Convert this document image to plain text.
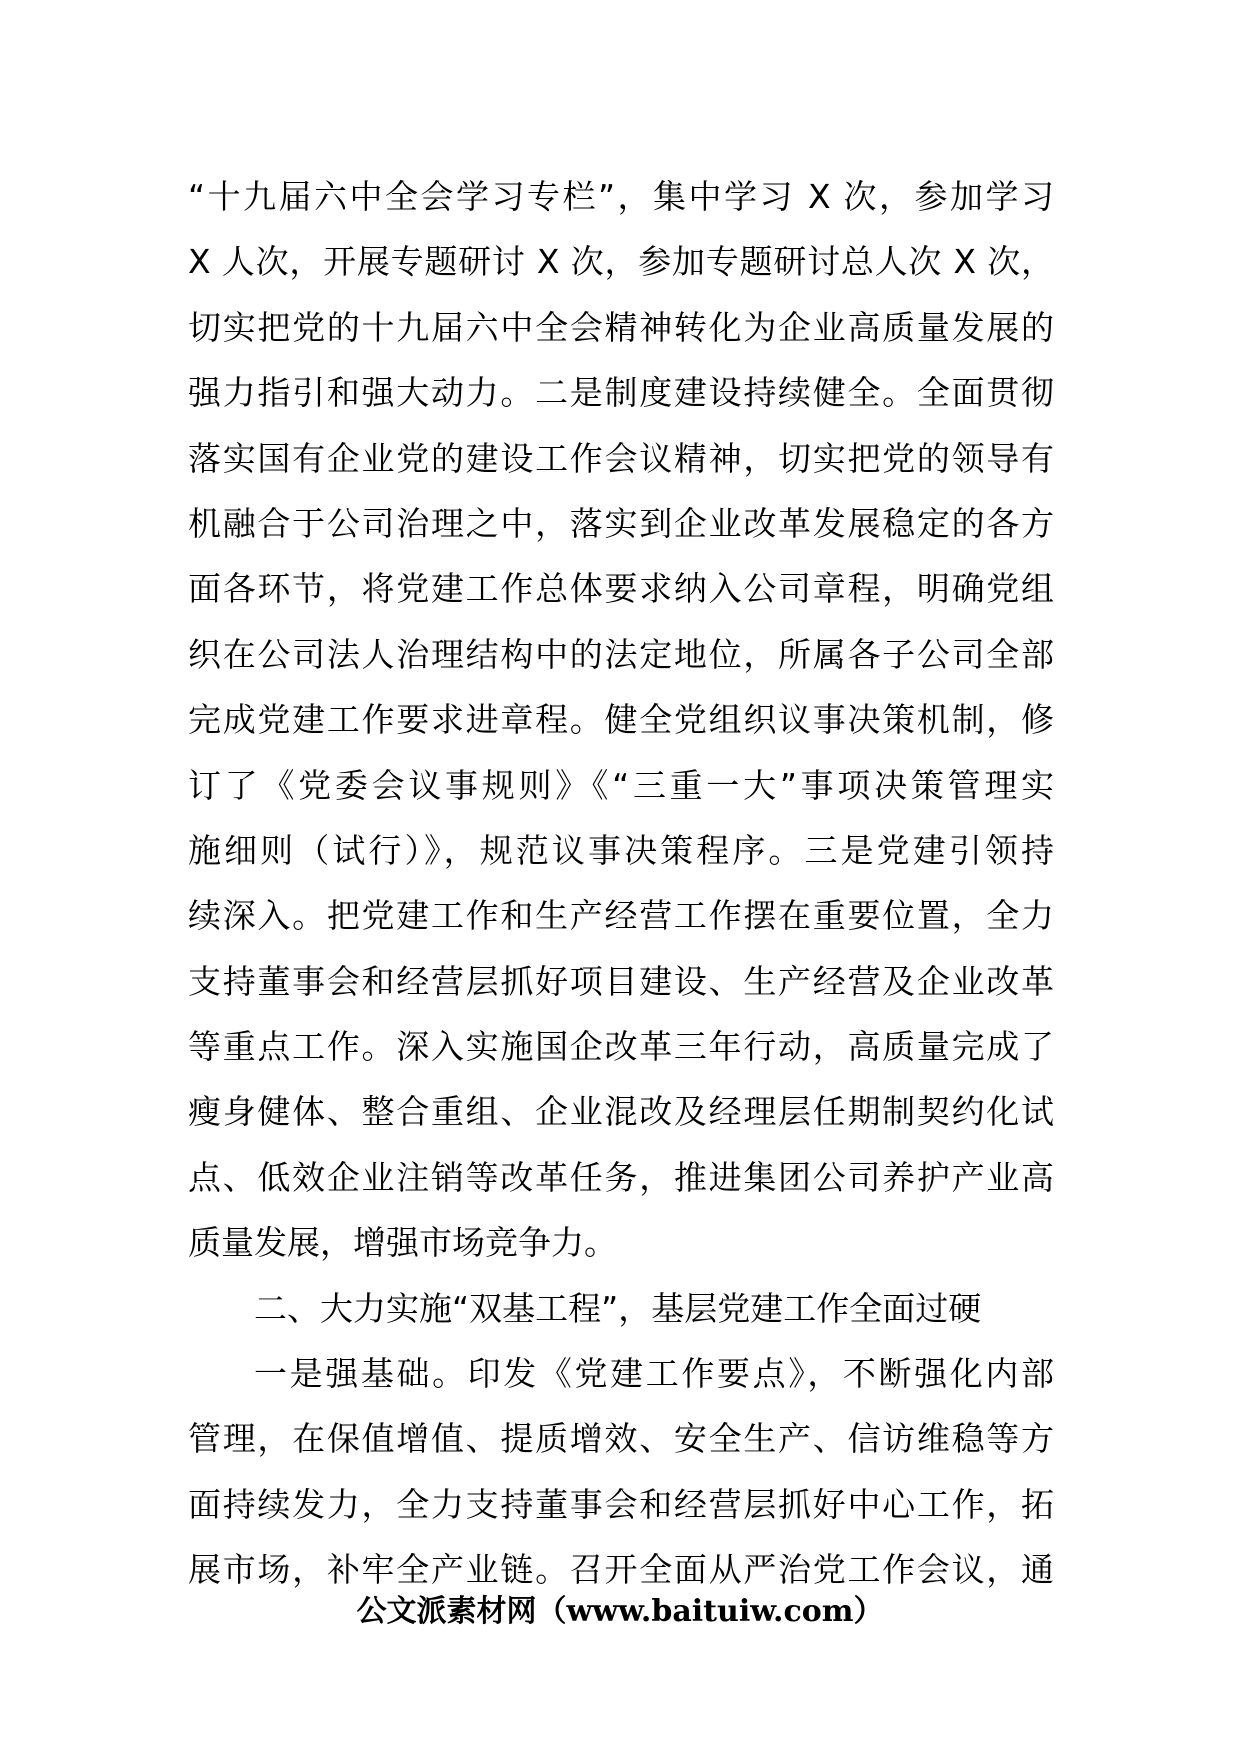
“十九届六中全会学习专栏”，集中学习 X 次，参加学习
X 人次，开展专题研讨 X 次，参加专题研讨总人次 X 次，
切实把党的十九届六中全会精神转化为企业高质量发展的
强力指引和强大动力。二是制度建设持续健全。全面贯彻
落实国有企业党的建设工作会议精神，切实把党的领导有
机融合于公司治理之中，落实到企业改革发展稳定的各方
面各环节，将党建工作总体要求纳入公司章程，明确党组
织在公司法人治理结构中的法定地位，所属各子公司全部
完成党建工作要求进章程。健全党组织议事决策机制，修
订了《党委会议事规则》《“三重一大”事项决策管理实
施细则（试行）》，规范议事决策程序。三是党建引领持
续深入。把党建工作和生产经营工作摆在重要位置，全力
支持董事会和经营层抓好项目建设、生产经营及企业改革
等重点工作。深入实施国企改革三年行动，高质量完成了
瘦身健体、整合重组、企业混改及经理层任期制契约化试
点、低效企业注销等改革任务，推进集团公司养护产业高
质量发展，增强市场竞争力。
二、大力实施“双基工程”，基层党建工作全面过硬
一是强基础。印发《党建工作要点》，不断强化内部
管理，在保值增值、提质增效、安全生产、信访维稳等方
面持续发力，全力支持董事会和经营层抓好中心工作，拓
展市场，补牢全产业链。召开全面从严治党工作会议，通
公文派素材网（www.baituiw.com）
